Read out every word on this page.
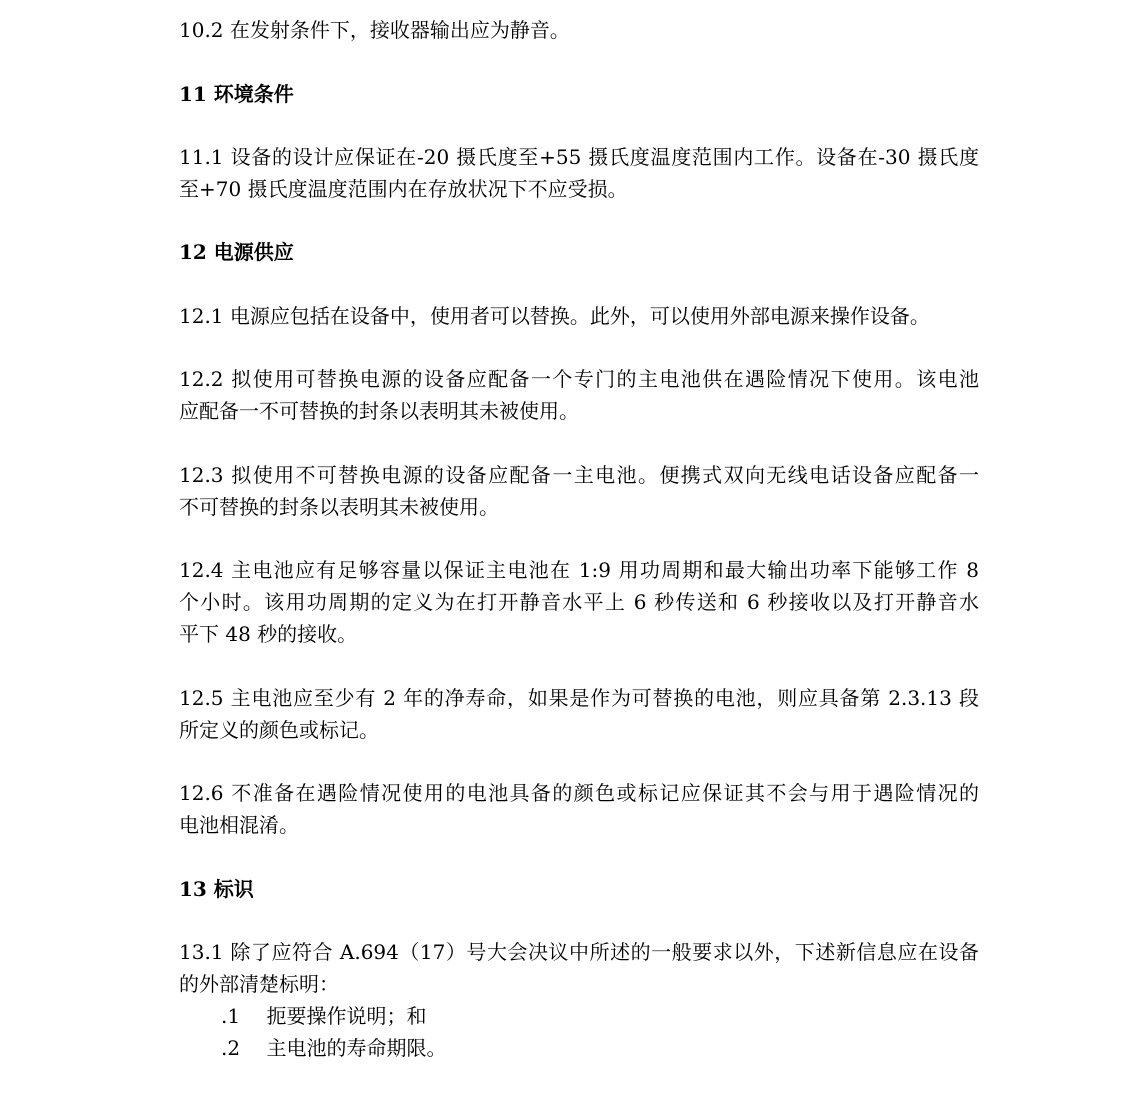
10.2 在发射条件下，接收器输出应为静音。
11 环境条件
11.1 设备的设计应保证在-20 摄氏度至+55 摄氏度温度范围内工作。设备在-30 摄氏度
至+70 摄氏度温度范围内在存放状况下不应受损。
12 电源供应
12.1 电源应包括在设备中，使用者可以替换。此外，可以使用外部电源来操作设备。
12.2 拟使用可替换电源的设备应配备一个专门的主电池供在遇险情况下使用。该电池
应配备一不可替换的封条以表明其未被使用。
12.3 拟使用不可替换电源的设备应配备一主电池。便携式双向无线电话设备应配备一
不可替换的封条以表明其未被使用。
12.4 主电池应有足够容量以保证主电池在 1:9 用功周期和最大输出功率下能够工作 8
个小时。该用功周期的定义为在打开静音水平上 6 秒传送和 6 秒接收以及打开静音水
平下 48 秒的接收。
12.5 主电池应至少有 2 年的净寿命，如果是作为可替换的电池，则应具备第 2.3.13 段
所定义的颜色或标记。
12.6 不准备在遇险情况使用的电池具备的颜色或标记应保证其不会与用于遇险情况的
电池相混淆。
13 标识
13.1 除了应符合 A.694（17）号大会决议中所述的一般要求以外，下述新信息应在设备
的外部清楚标明：
.1　 扼要操作说明；和
.2　 主电池的寿命期限。
